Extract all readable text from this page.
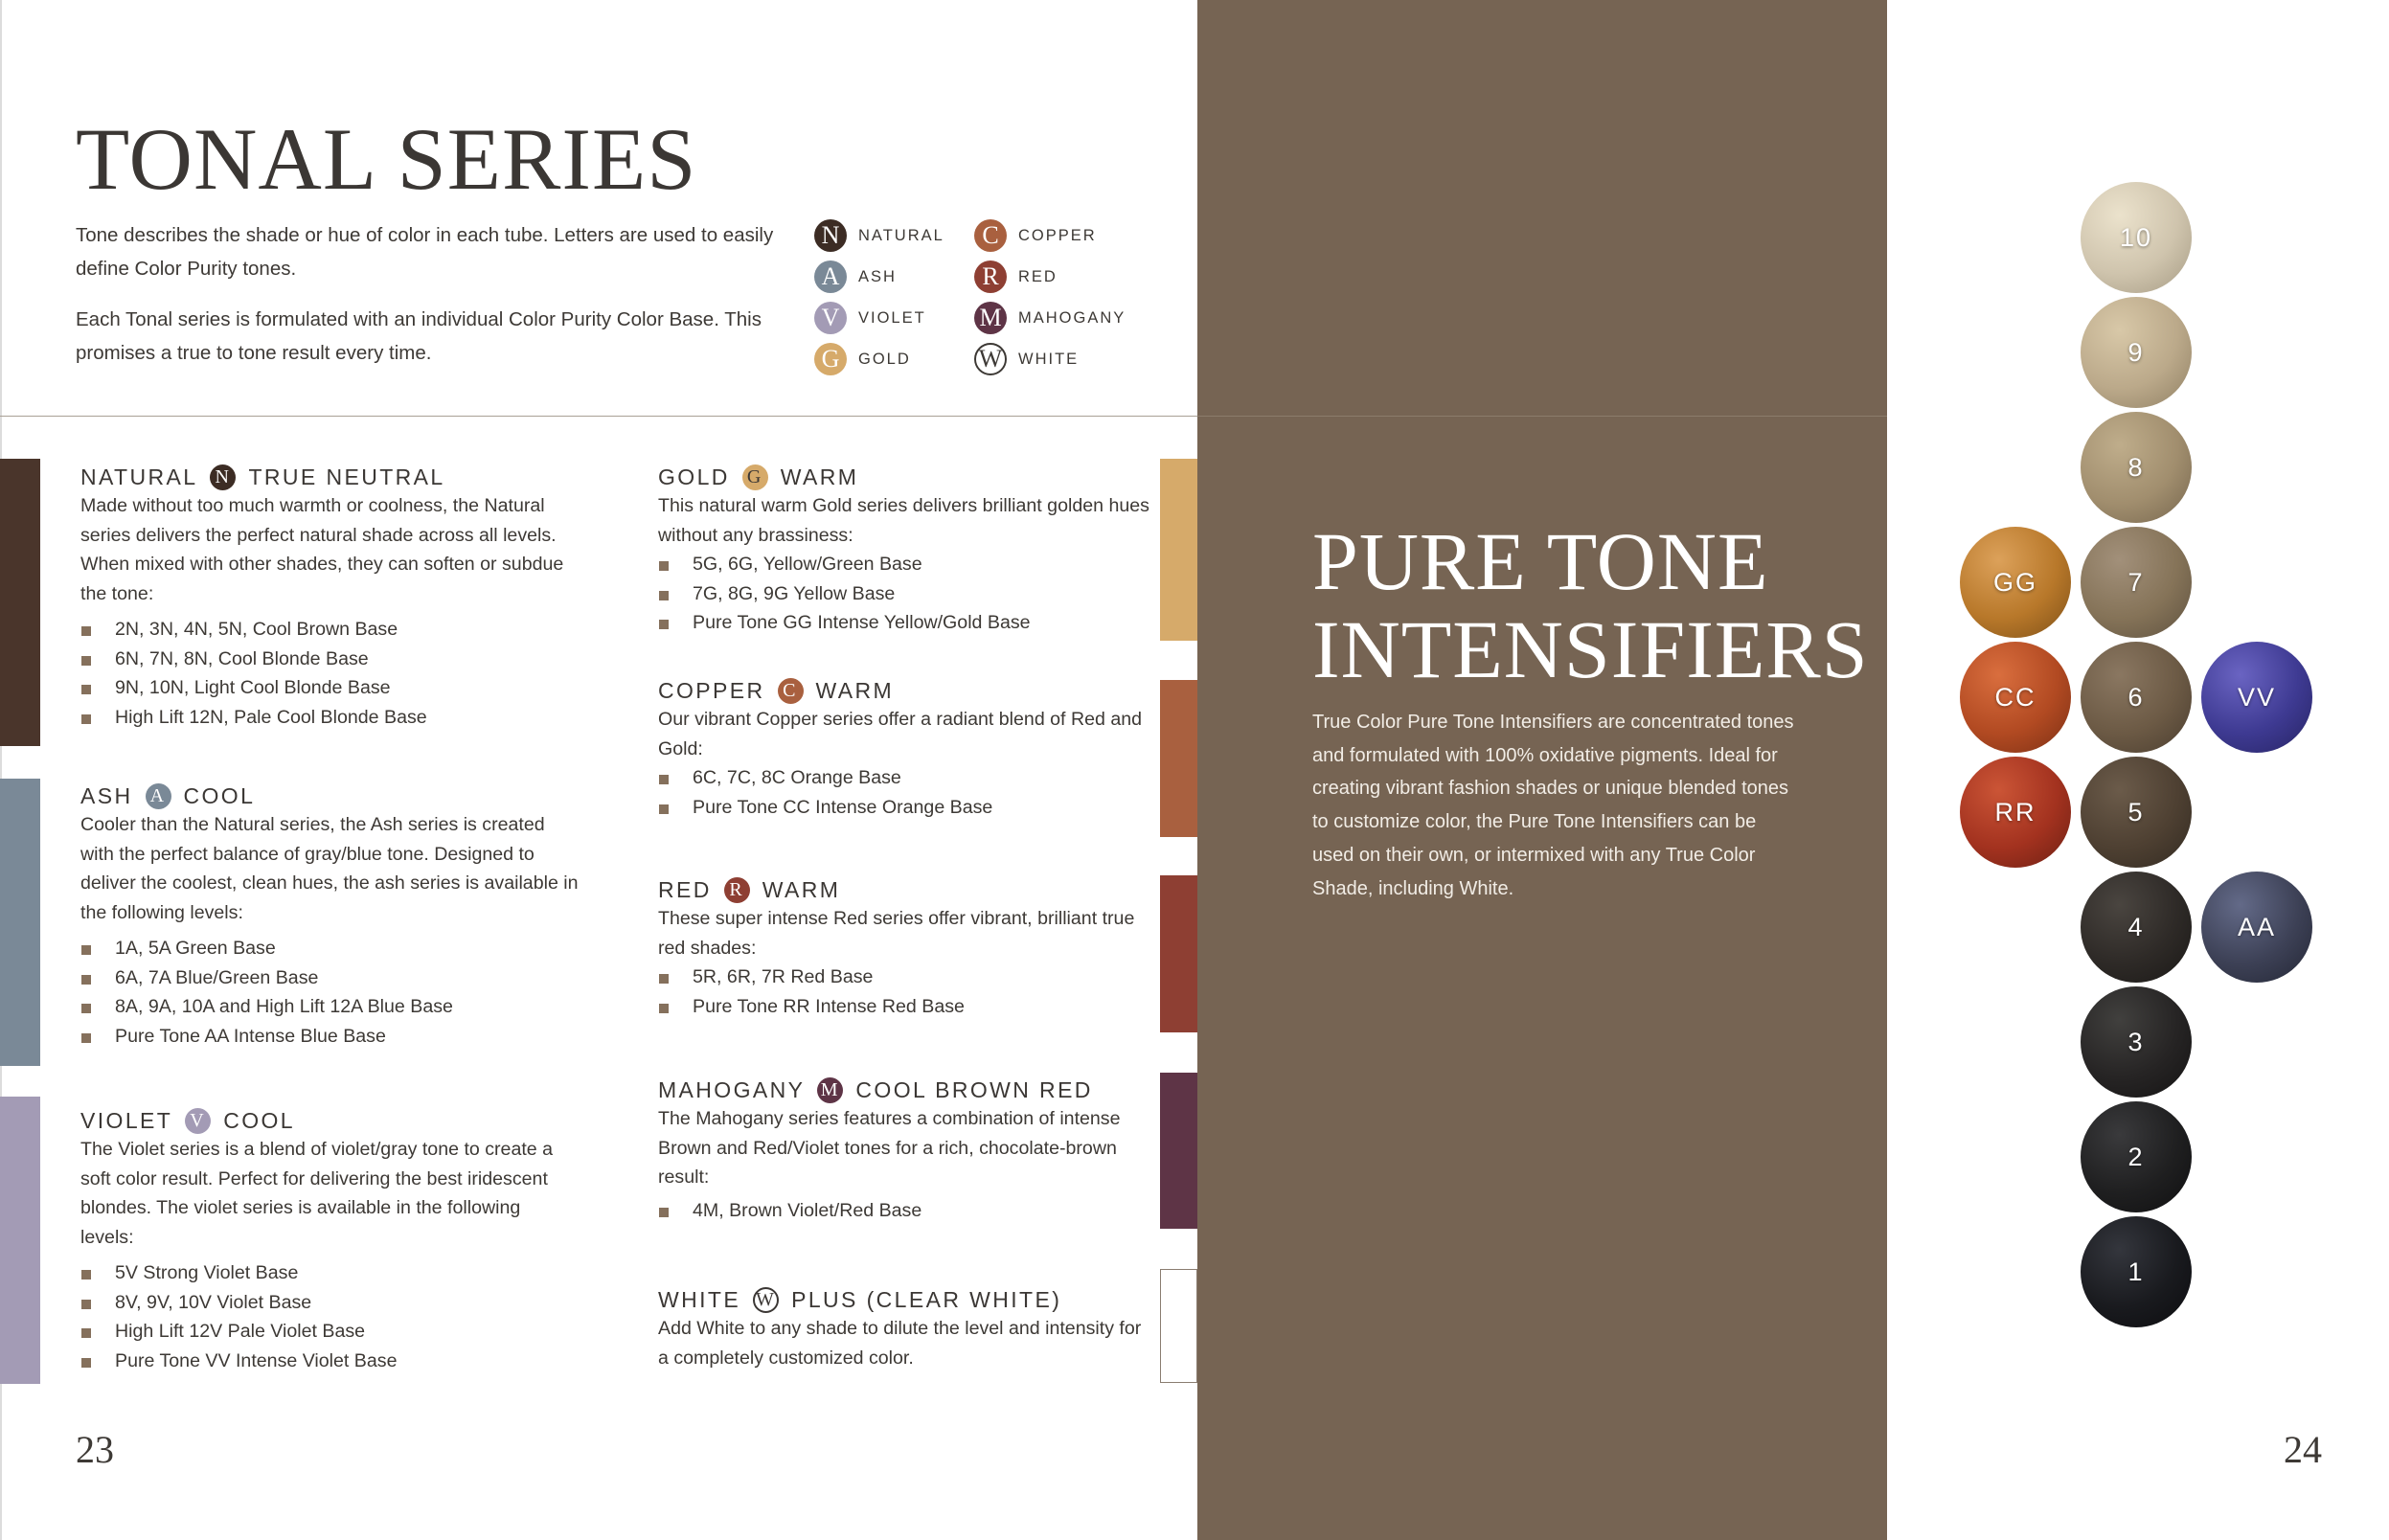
TONAL SERIES

Tone describes the shade or hue of color in each tube. Letters are used to easily define Color Purity tones.

Each Tonal series is formulated with an individual Color Purity Color Base. This promises a true to tone result every time.

N	NATURAL
A	ASH
V	VIOLET
G	GOLD
C	COPPER
R	RED
M	MAHOGANY
W WHITE
NATURAL N TRUE NEUTRAL
Made without too much warmth or coolness, the Natural series delivers the perfect natural shade across all levels. When mixed with other shades, they can soften or subdue the tone:
2N, 3N, 4N, 5N, Cool Brown Base
6N, 7N, 8N, Cool Blonde Base
9N, 10N, Light Cool Blonde Base
High Lift 12N, Pale Cool Blonde Base
ASH A COOL
Cooler than the Natural series, the Ash series is created with the perfect balance of gray/blue tone. Designed to deliver the coolest, clean hues, the ash series is available in the following levels:
1A, 5A Green Base
6A, 7A Blue/Green Base
8A, 9A, 10A and High Lift 12A Blue Base
Pure Tone AA Intense Blue Base
VIOLET V COOL
The Violet series is a blend of violet/gray tone to create a soft color result. Perfect for delivering the best iridescent blondes. The violet series is available in the following levels:
5V Strong Violet Base
8V, 9V, 10V Violet Base
High Lift 12V Pale Violet Base
Pure Tone VV Intense Violet Base
GOLD G WARM
This natural warm Gold series delivers brilliant golden hues without any brassiness:
5G, 6G, Yellow/Green Base
7G, 8G, 9G Yellow Base
Pure Tone GG Intense Yellow/Gold Base
COPPER C WARM
Our vibrant Copper series offer a radiant blend of Red and Gold:
6C, 7C, 8C Orange Base
Pure Tone CC Intense Orange Base
RED R WARM
These super intense Red series offer vibrant, brilliant true red shades:
5R, 6R, 7R Red Base
Pure Tone RR Intense Red Base
MAHOGANY M COOL BROWN RED
The Mahogany series features a combination of intense Brown and Red/Violet tones for a rich, chocolate-brown result:
4M, Brown Violet/Red Base
WHITE W PLUS (CLEAR WHITE)
Add White to any shade to dilute the level and intensity for a completely customized color.
23
PURE TONE
INTENSIFIERS

True Color Pure Tone Intensifiers are concentrated tones and formulated with 100% oxidative pigments. Ideal for creating vibrant fashion shades or unique blended tones to customize color, the Pure Tone Intensifiers can be used on their own, or intermixed with any True Color Shade, including White.

10
9
8
7
6
5
4
3
2
1
GG
CC
RR
VV
AA
24
